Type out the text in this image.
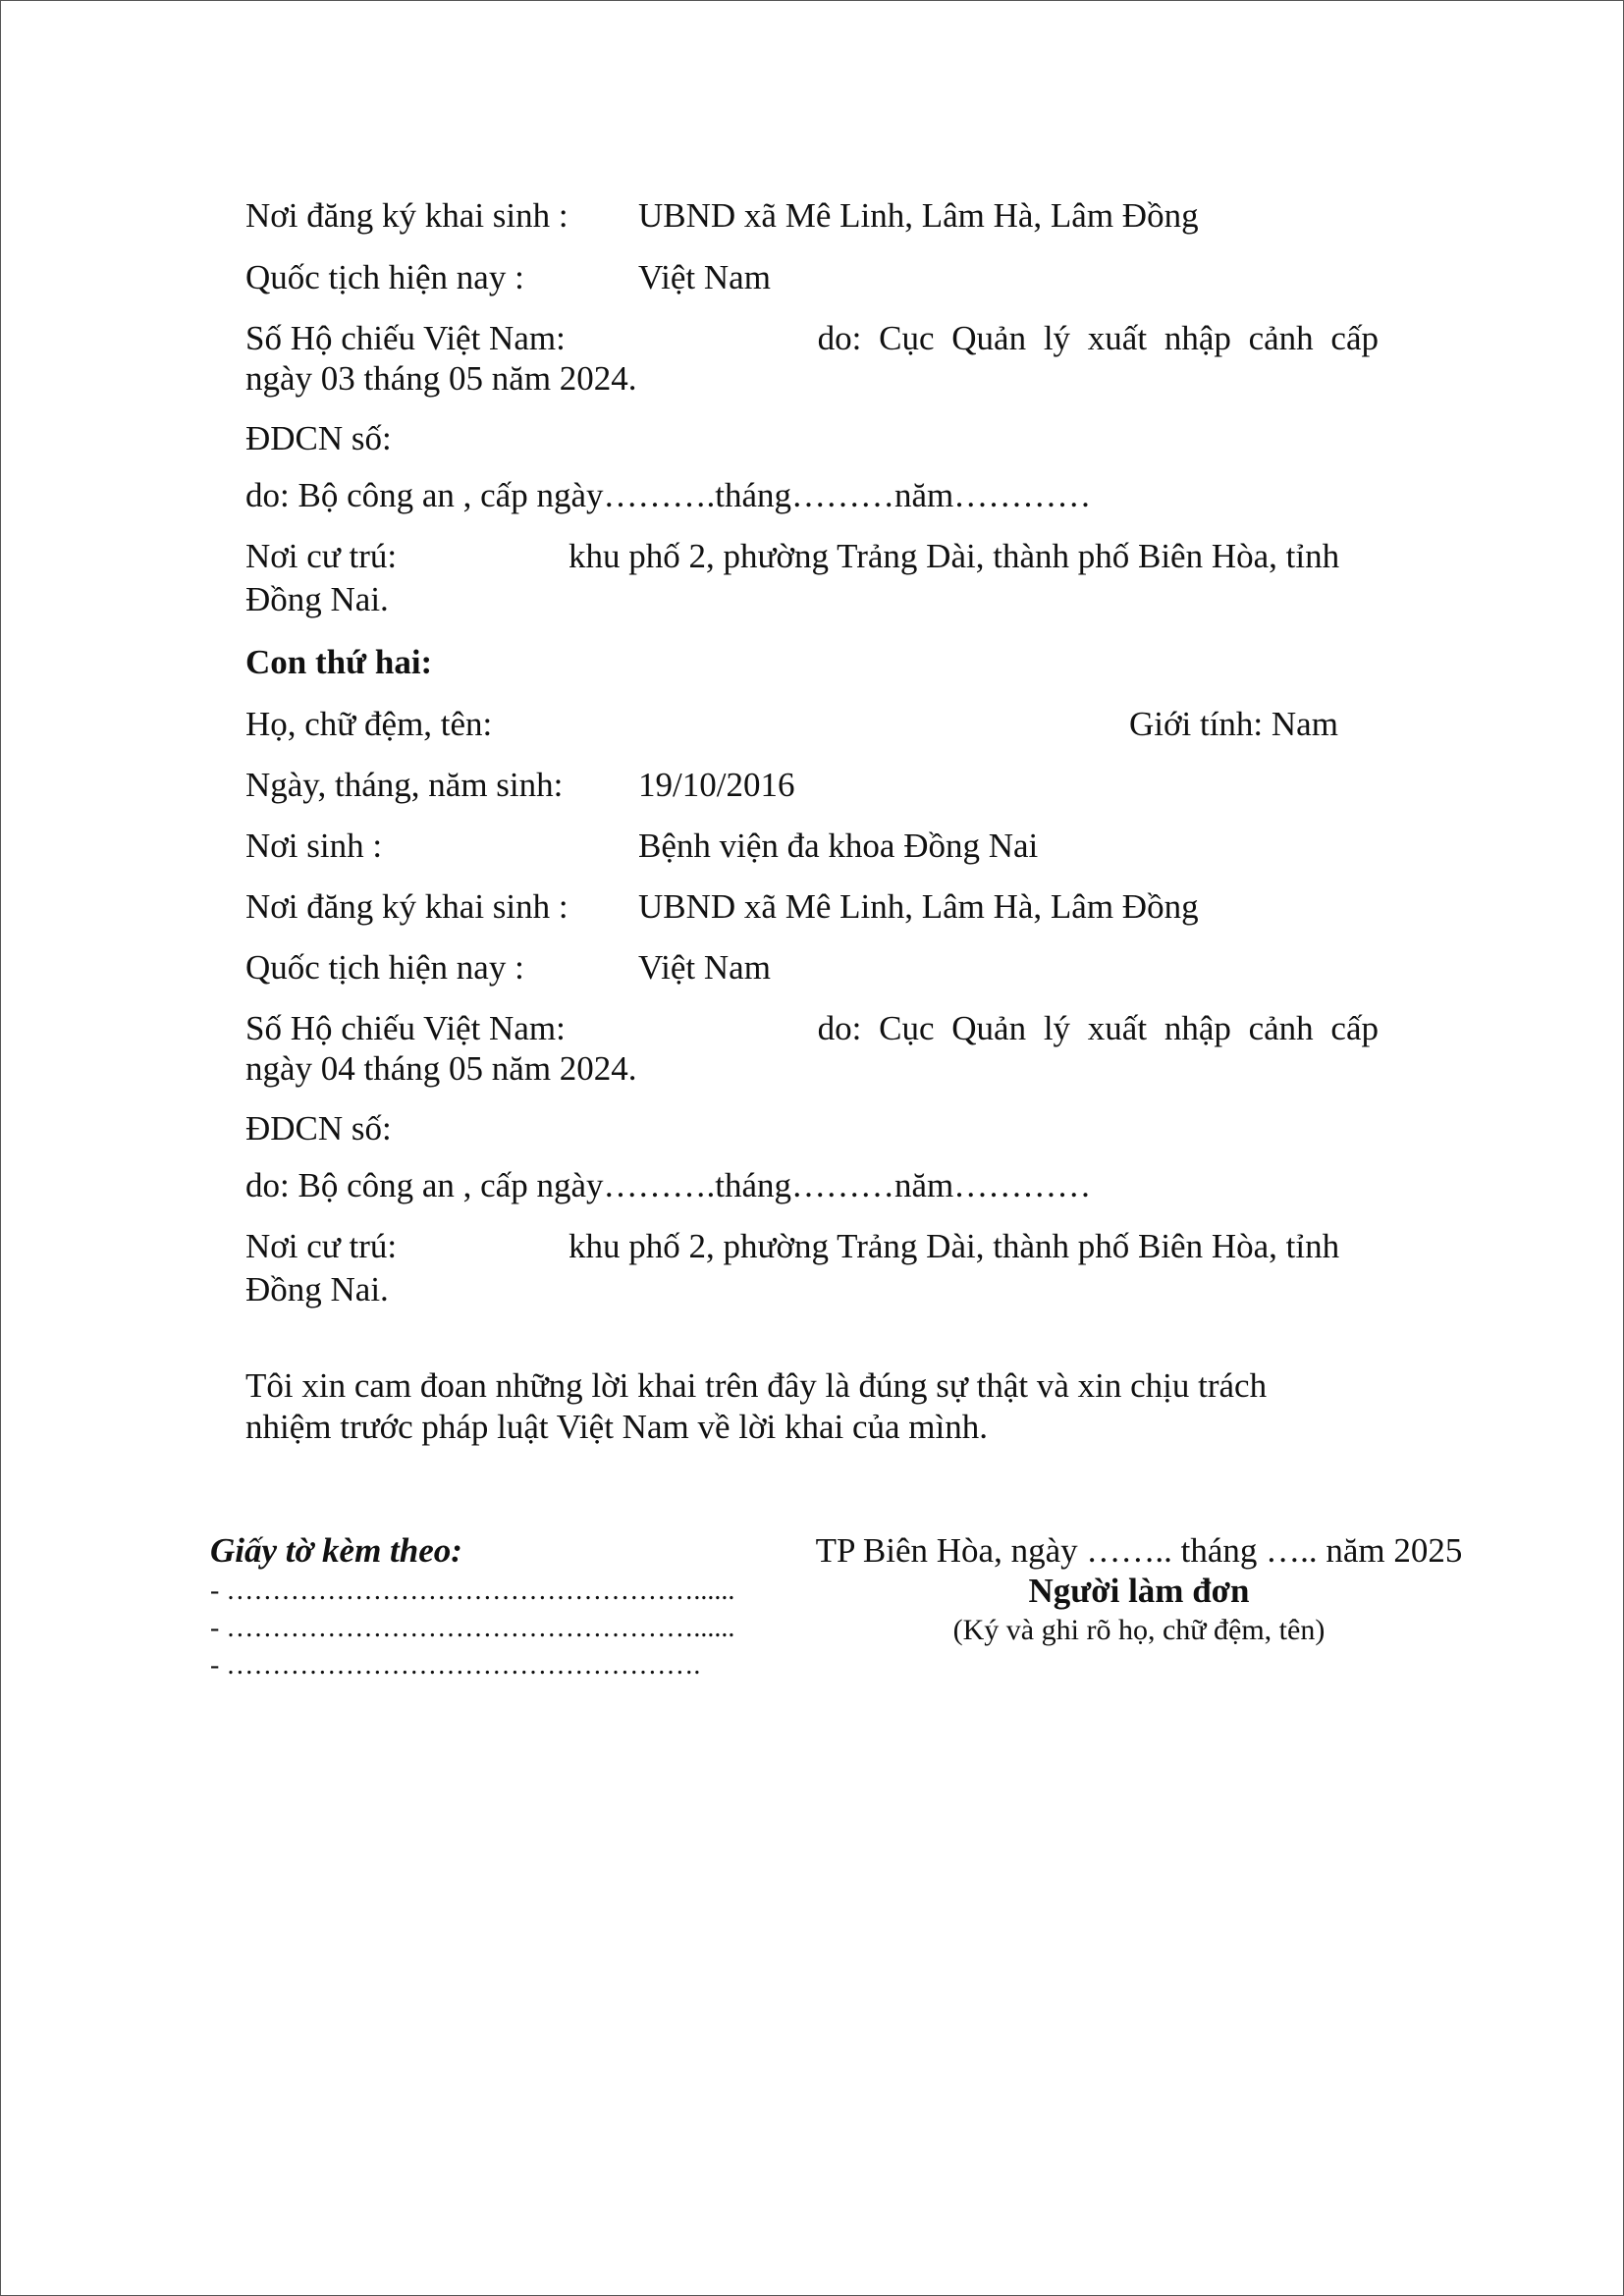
Nơi đăng ký khai sinh : UBND xã Mê Linh, Lâm Hà, Lâm Đồng
Quốc tịch hiện nay :	Việt Nam
Số Hộ chiếu Việt Nam:	do: Cục Quản lý xuất nhập cảnh cấp
ngày 03 tháng 05 năm 2024.
ĐDCN số:
do: Bộ công an , cấp ngày……….tháng………năm…………
Nơi cư trú:	khu phố 2, phường Trảng Dài, thành phố Biên Hòa, tỉnh
Đồng Nai.
Con thứ hai:
Họ, chữ đệm, tên:	Giới tính: Nam
Ngày, tháng, năm sinh: 19/10/2016
Nơi sinh :	Bệnh viện đa khoa Đồng Nai
Nơi đăng ký khai sinh : UBND xã Mê Linh, Lâm Hà, Lâm Đồng
Quốc tịch hiện nay :	Việt Nam
Số Hộ chiếu Việt Nam:	do: Cục Quản lý xuất nhập cảnh cấp
ngày 04 tháng 05 năm 2024.
ĐDCN số:
do: Bộ công an , cấp ngày……….tháng………năm…………
Nơi cư trú:	khu phố 2, phường Trảng Dài, thành phố Biên Hòa, tỉnh
Đồng Nai.
Tôi xin cam đoan những lời khai trên đây là đúng sự thật và xin chịu trách
nhiệm trước pháp luật Việt Nam về lời khai của mình.
Giấy tờ kèm theo:
- ……………………………………………......
- ……………………………………………......
- …………………………………………….
TP Biên Hòa, ngày …….. tháng ….. năm 2025
Người làm đơn
(Ký và ghi rõ họ, chữ đệm, tên)
